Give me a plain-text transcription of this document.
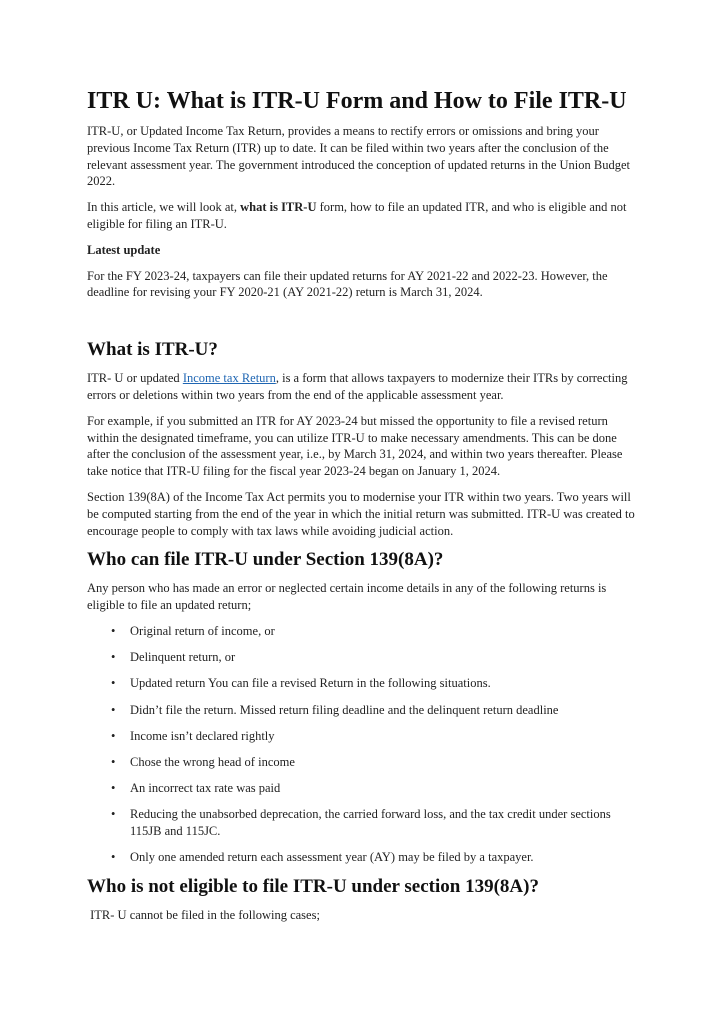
ITR U: What is ITR-U Form and How to File ITR-U

ITR-U, or Updated Income Tax Return, provides a means to rectify errors or omissions and bring your previous Income Tax Return (ITR) up to date. It can be filed within two years after the conclusion of the relevant assessment year. The government introduced the conception of updated returns in the Union Budget 2022.

In this article, we will look at, what is ITR-U form, how to file an updated ITR, and who is eligible and not eligible for filing an ITR-U.

Latest update

For the FY 2023-24, taxpayers can file their updated returns for AY 2021-22 and 2022-23. However, the deadline for revising your FY 2020-21 (AY 2021-22) return is March 31, 2024.

What is ITR-U?

ITR- U or updated Income tax Return, is a form that allows taxpayers to modernize their ITRs by correcting errors or deletions within two years from the end of the applicable assessment year.

For example, if you submitted an ITR for AY 2023-24 but missed the opportunity to file a revised return within the designated timeframe, you can utilize ITR-U to make necessary amendments. This can be done after the conclusion of the assessment year, i.e., by March 31, 2024, and within two years thereafter. Please take notice that ITR-U filing for the fiscal year 2023-24 began on January 1, 2024.

Section 139(8A) of the Income Tax Act permits you to modernise your ITR within two years. Two years will be computed starting from the end of the year in which the initial return was submitted. ITR-U was created to encourage people to comply with tax laws while avoiding judicial action.

Who can file ITR-U under Section 139(8A)?

Any person who has made an error or neglected certain income details in any of the following returns is eligible to file an updated return;

• Original return of income, or
• Delinquent return, or
• Updated return You can file a revised Return in the following situations.
• Didn’t file the return. Missed return filing deadline and the delinquent return deadline
• Income isn’t declared rightly
• Chose the wrong head of income
• An incorrect tax rate was paid
• Reducing the unabsorbed deprecation, the carried forward loss, and the tax credit under sections 115JB and 115JC.
• Only one amended return each assessment year (AY) may be filed by a taxpayer.
Who is not eligible to file ITR-U under section 139(8A)?

ITR- U cannot be filed in the following cases;
